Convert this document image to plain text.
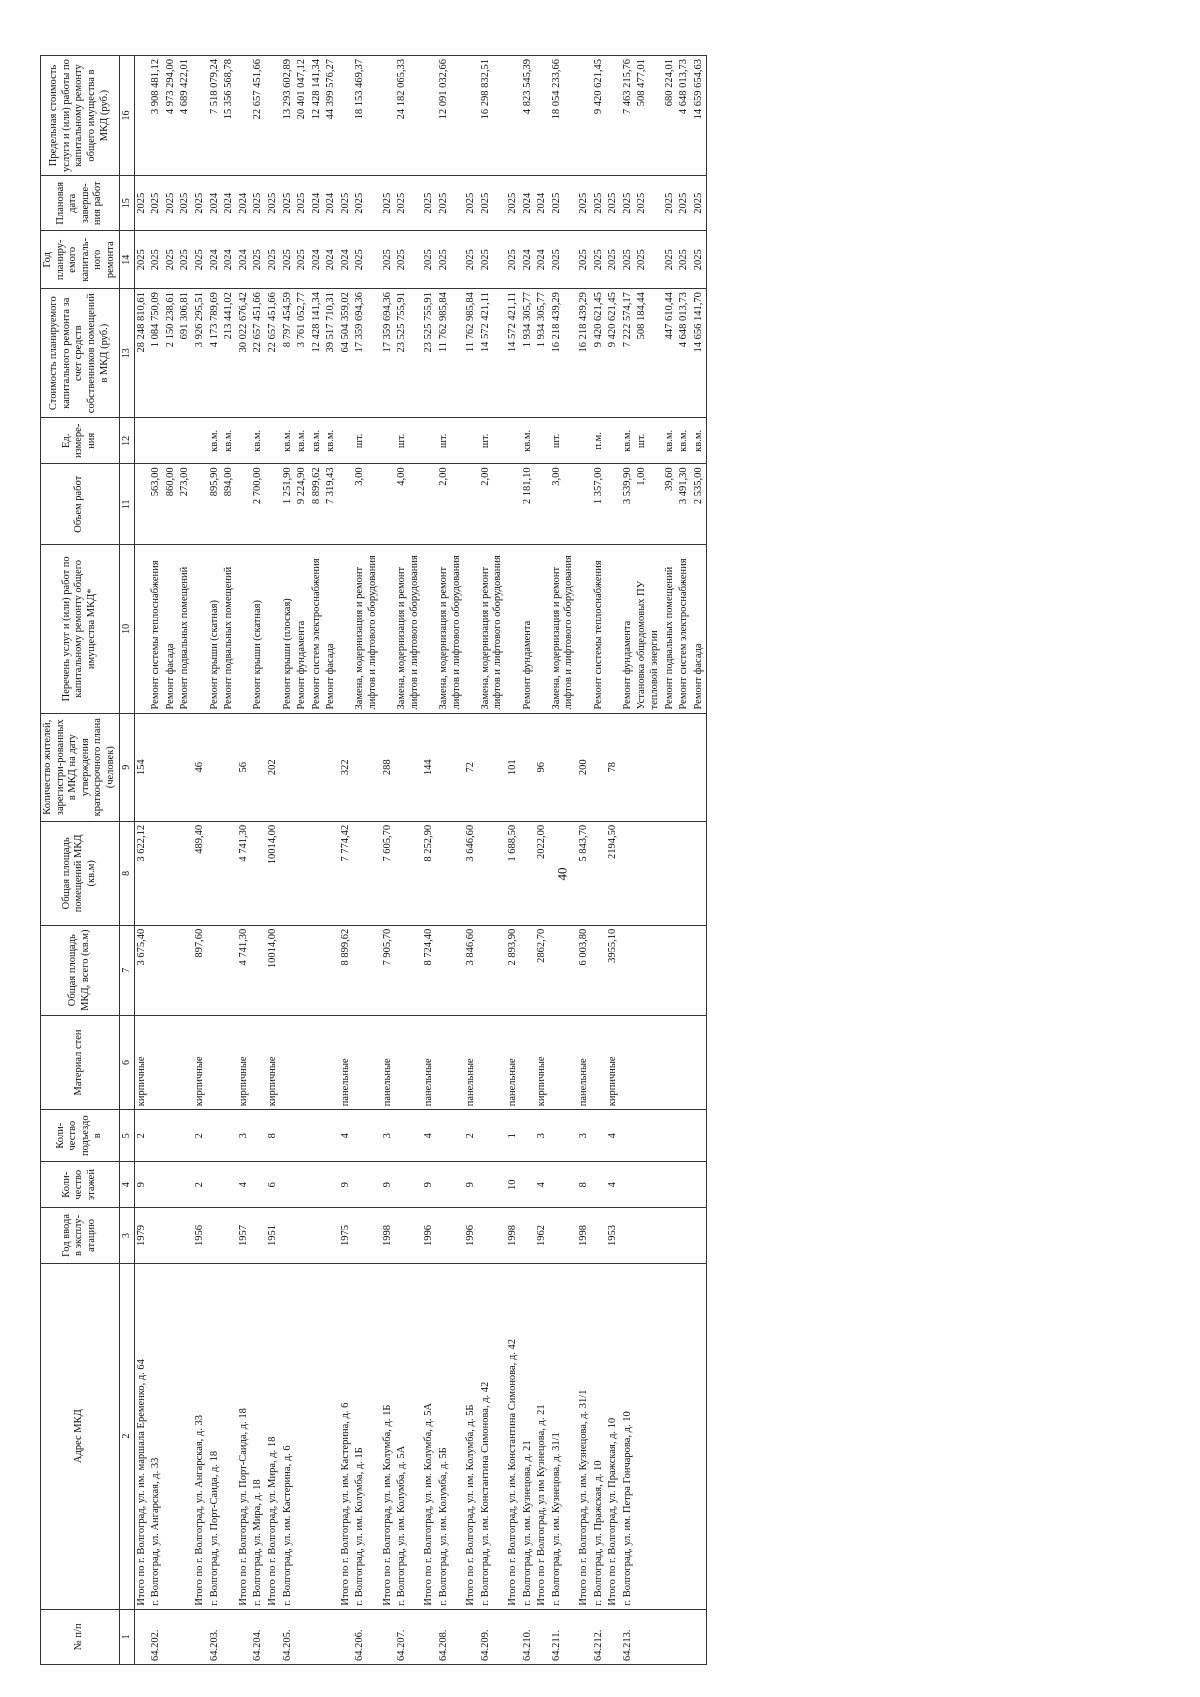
40
№ п/п	Адрес МКД	Год ввода в эксплу-атацию	Коли-чество этажей	Коли-чество подъездо в	Материал стен	Общая площадь МКД, всего (кв.м)	Общая площадь помещений МКД (кв.м)	Количество жителей, зарегистри-рованных в МКД на дату утверждения краткосрочного плана (человек)	Перечень услуг и (или) работ по капитальному ремонту общего имущества МКД*	Объем работ	Ед. измере-ния	Стоимость планируемого капитального ремонта за счет средств собственников помещений в МКД (руб.)	Год планиру-емого капиталь-ного ремонта	Плановая дата заверше-ния работ	Предельная стоимость услуги и (или) работы по капитальному ремонту общего имущества в МКД (руб.)
1	2	3	4	5	6	7	8	9	10	11	12	13	14	15	16
	Итого по г. Волгоград, ул. им. маршала Еременко, д. 64	1979	9	2	кирпичные	3 675,40	3 622,12	154				28 248 810,61	2025	2025	
64.202.	г. Волгоград, ул. Ангарская, д. 33								Ремонт системы теплоснабжения	563,00		1 084 750,09	2025	2025	3 908 481,12
									Ремонт фасада	860,00		2 150 238,61	2025	2025	4 973 294,00
									Ремонт подвальных помещений	273,00		691 306,81	2025	2025	4 689 422,01
	Итого по г. Волгоград, ул. Ангарская, д. 33	1956	2	2	кирпичные	897,60	489,40	46				3 926 295,51	2025	2025	
64.203.	г. Волгоград, ул. Порт-Саида, д. 18								Ремонт крыши (скатная)	895,90	кв.м.	4 173 789,69	2024	2024	7 518 079,24
									Ремонт подвальных помещений	894,00	кв.м.	213 441,02	2024	2024	15 356 568,78
	Итого по г. Волгоград, ул. Порт-Саида, д. 18	1957	4	3	кирпичные	4 741,30	4 741,30	56				30 022 676,42	2024	2024	
64.204.	г. Волгоград, ул. Мира, д. 18								Ремонт крыши (скатная)	2 700,00	кв.м.	22 657 451,66	2025	2025	22 657 451,66
	Итого по г. Волгоград, ул. Мира, д. 18	1951	6	8	кирпичные	10014,00	10014,00	202				22 657 451,66	2025	2025	
64.205.	г. Волгоград, ул. им. Кастерина, д. 6								Ремонт крыши (плоская)	1 251,90	кв.м.	8 797 454,59	2025	2025	13 293 602,89
									Ремонт фундамента	9 224,90	кв.м.	3 761 052,77	2025	2025	20 401 047,12
									Ремонт систем электроснабжения	8 899,62	кв.м.	12 428 141,34	2024	2024	12 428 141,34
									Ремонт фасада	7 319,43	кв.м.	39 517 710,31	2024	2024	44 399 576,27
	Итого по г. Волгоград, ул. им. Кастерина, д. 6	1975	9	4	панельные	8 899,62	7 774,42	322				64 504 359,02	2024	2025	
64.206.	г. Волгоград, ул. им. Колумба, д. 1Б								Замена, модернизация и ремонт лифтов и лифтового оборудования	3,00	шт.	17 359 694,36	2025	2025	18 153 469,37
	Итого по г. Волгоград, ул. им. Колумба, д. 1Б	1998	9	3	панельные	7 905,70	7 605,70	288				17 359 694,36	2025	2025	
64.207.	г. Волгоград, ул. им. Колумба, д. 5А								Замена, модернизация и ремонт лифтов и лифтового оборудования	4,00	шт.	23 525 755,91	2025	2025	24 182 065,33
	Итого по г. Волгоград, ул. им. Колумба, д. 5А	1996	9	4	панельные	8 724,40	8 252,90	144				23 525 755,91	2025	2025	
64.208.	г. Волгоград, ул. им. Колумба, д. 5Б								Замена, модернизация и ремонт лифтов и лифтового оборудования	2,00	шт.	11 762 985,84	2025	2025	12 091 032,66
	Итого по г. Волгоград, ул. им. Колумба, д. 5Б	1996	9	2	панельные	3 846,60	3 646,60	72				11 762 985,84	2025	2025	
64.209.	г. Волгоград, ул. им. Константина Симонова, д. 42								Замена, модернизация и ремонт лифтов и лифтового оборудования	2,00	шт.	14 572 421,11	2025	2025	16 298 832,51
	Итого по г. Волгоград, ул. им. Константина Симонова, д. 42	1998	10	1	панельные	2 893,90	1 688,50	101				14 572 421,11	2025	2025	
64.210.	г. Волгоград, ул. им. Кузнецова, д. 21								Ремонт фундамента	2 181,10	кв.м.	1 934 305,77	2024	2024	4 823 545,39
	Итого по г Волгоград, ул им Кузнецова, д. 21	1962	4	3	кирпичные	2862,70	2022,00	96				1 934 305,77	2024	2024	
64.211.	г. Волгоград, ул. им. Кузнецова, д. 31/1								Замена, модернизация и ремонт лифтов и лифтового оборудования	3,00	шт.	16 218 439,29	2025	2025	18 054 233,66
	Итого по г. Волгоград, ул. им. Кузнецова, д. 31/1	1998	8	3	панельные	6 003,80	5 843,70	200				16 218 439,29	2025	2025	
64.212.	г. Волгоград, ул. Пражская, д. 10								Ремонт системы теплоснабжения	1 357,00	п.м.	9 420 621,45	2025	2025	9 420 621,45
	Итого по г. Волгоград, ул. Пражская, д. 10	1953	4	4	кирпичные	3955,10	2194,50	78				9 420 621,45	2025	2025	
64.213.	г. Волгоград, ул. им. Петра Гончарова, д. 10								Ремонт фундамента	3 539,90	кв.м.	7 222 574,17	2025	2025	7 463 215,76
									Установка общедомовых ПУ тепловой энергии	1,00	шт.	508 184,44	2025	2025	508 477,01
									Ремонт подвальных помещений	39,60	кв.м.	447 610,44	2025	2025	680 224,01
									Ремонт систем электроснабжения	3 491,30	кв.м.	4 648 013,73	2025	2025	4 648 013,73
									Ремонт фасада	2 535,00	кв.м.	14 656 141,70	2025	2025	14 659 654,63
